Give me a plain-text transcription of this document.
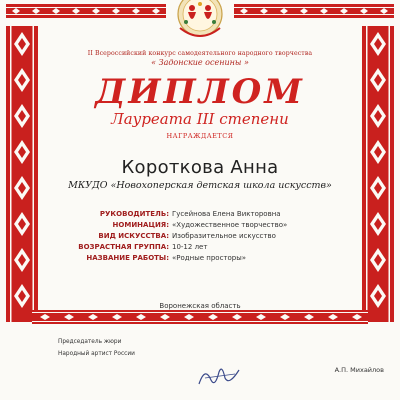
II Всероссийский конкурс самодеятельного народного творчества
« Задонские осенины »
ДИПЛОМ
Лауреата III степени
НАГРАЖДАЕТСЯ
Короткова Анна
МКУДО «Новохоперская детская школа искусств»
РУКОВОДИТЕЛЬ: Гусейнова Елена Викторовна
НОМИНАЦИЯ: «Художественное творчество»
ВИД ИСКУССТВА: Изобразительное искусство
ВОЗРАСТНАЯ ГРУППА: 10-12 лет
НАЗВАНИЕ РАБОТЫ: «Родные просторы»
Воронежская область
Председатель жюри
Народный артист России
А.П. Михайлов
